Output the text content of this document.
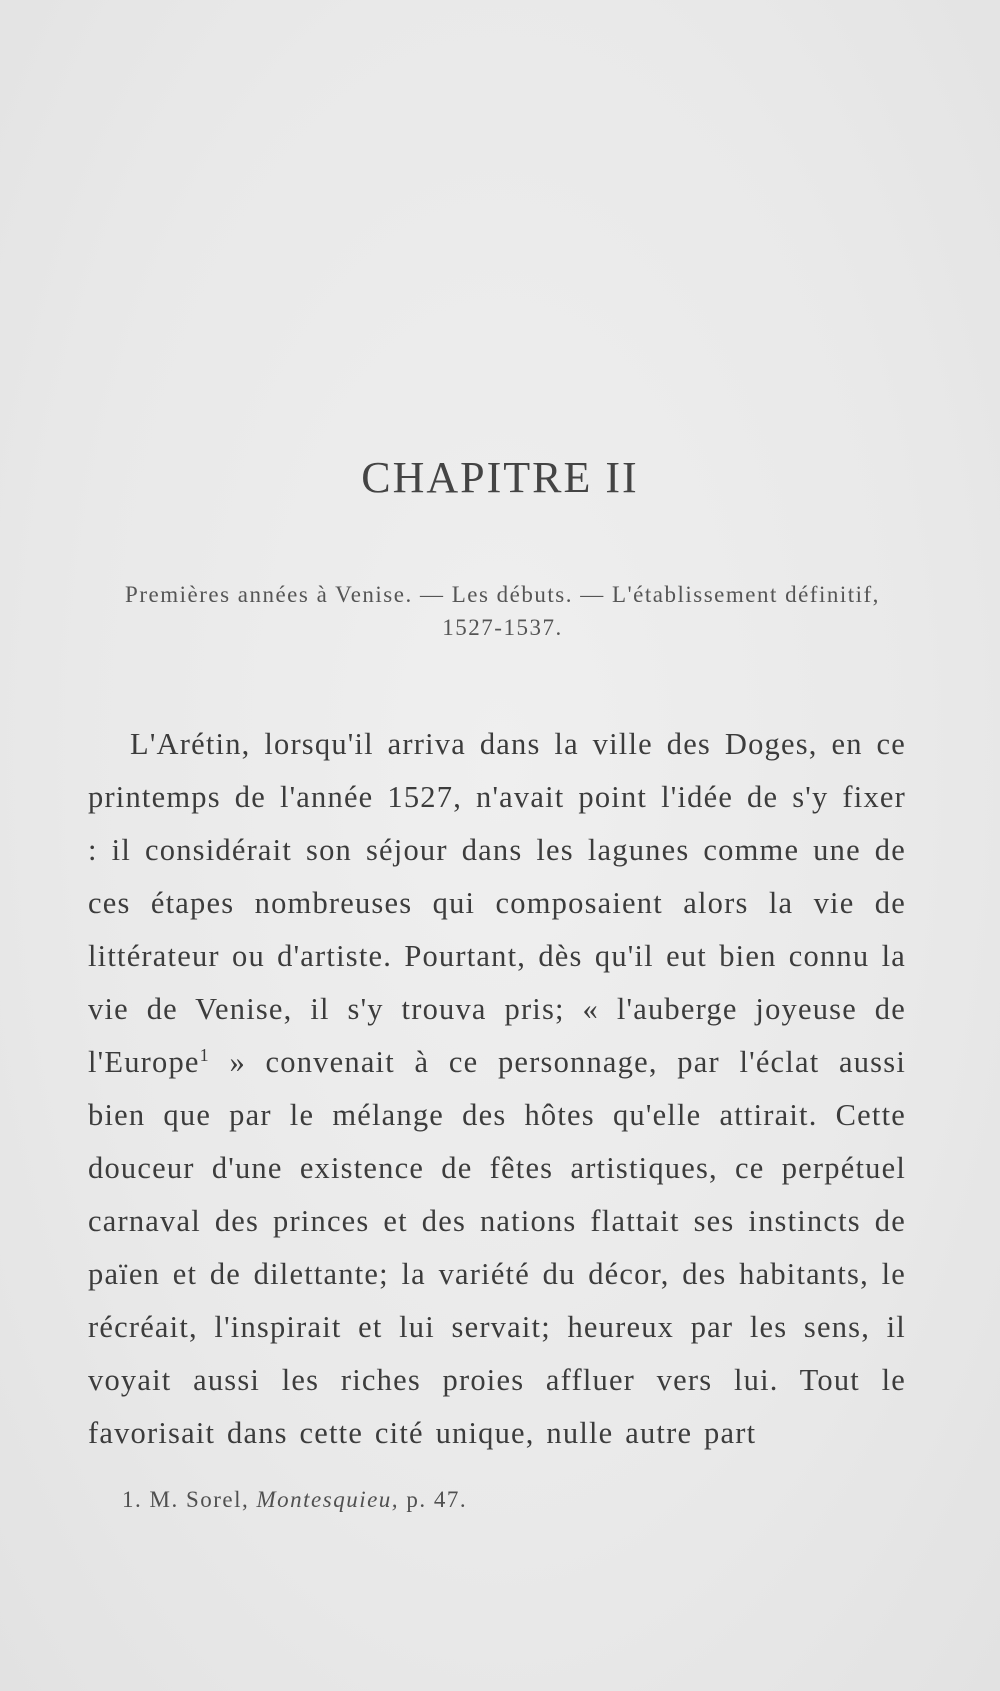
CHAPITRE II

Premières années à Venise. — Les débuts. — L'établissement définitif, 1527-1537.

L'Arétin, lorsqu'il arriva dans la ville des Doges, en ce printemps de l'année 1527, n'avait point l'idée de s'y fixer : il considérait son séjour dans les lagunes comme une de ces étapes nombreuses qui composaient alors la vie de littérateur ou d'artiste. Pourtant, dès qu'il eut bien connu la vie de Venise, il s'y trouva pris; « l'auberge joyeuse de l'Europe$^1$ » convenait à ce personnage, par l'éclat aussi bien que par le mélange des hôtes qu'elle attirait. Cette douceur d'une existence de fêtes artistiques, ce perpétuel carnaval des princes et des nations flattait ses instincts de païen et de dilettante; la variété du décor, des habitants, le récréait, l'inspirait et lui servait; heureux par les sens, il voyait aussi les riches proies affluer vers lui. Tout le favorisait dans cette cité unique, nulle autre part

1. M. Sorel, Montesquieu, p. 47.
